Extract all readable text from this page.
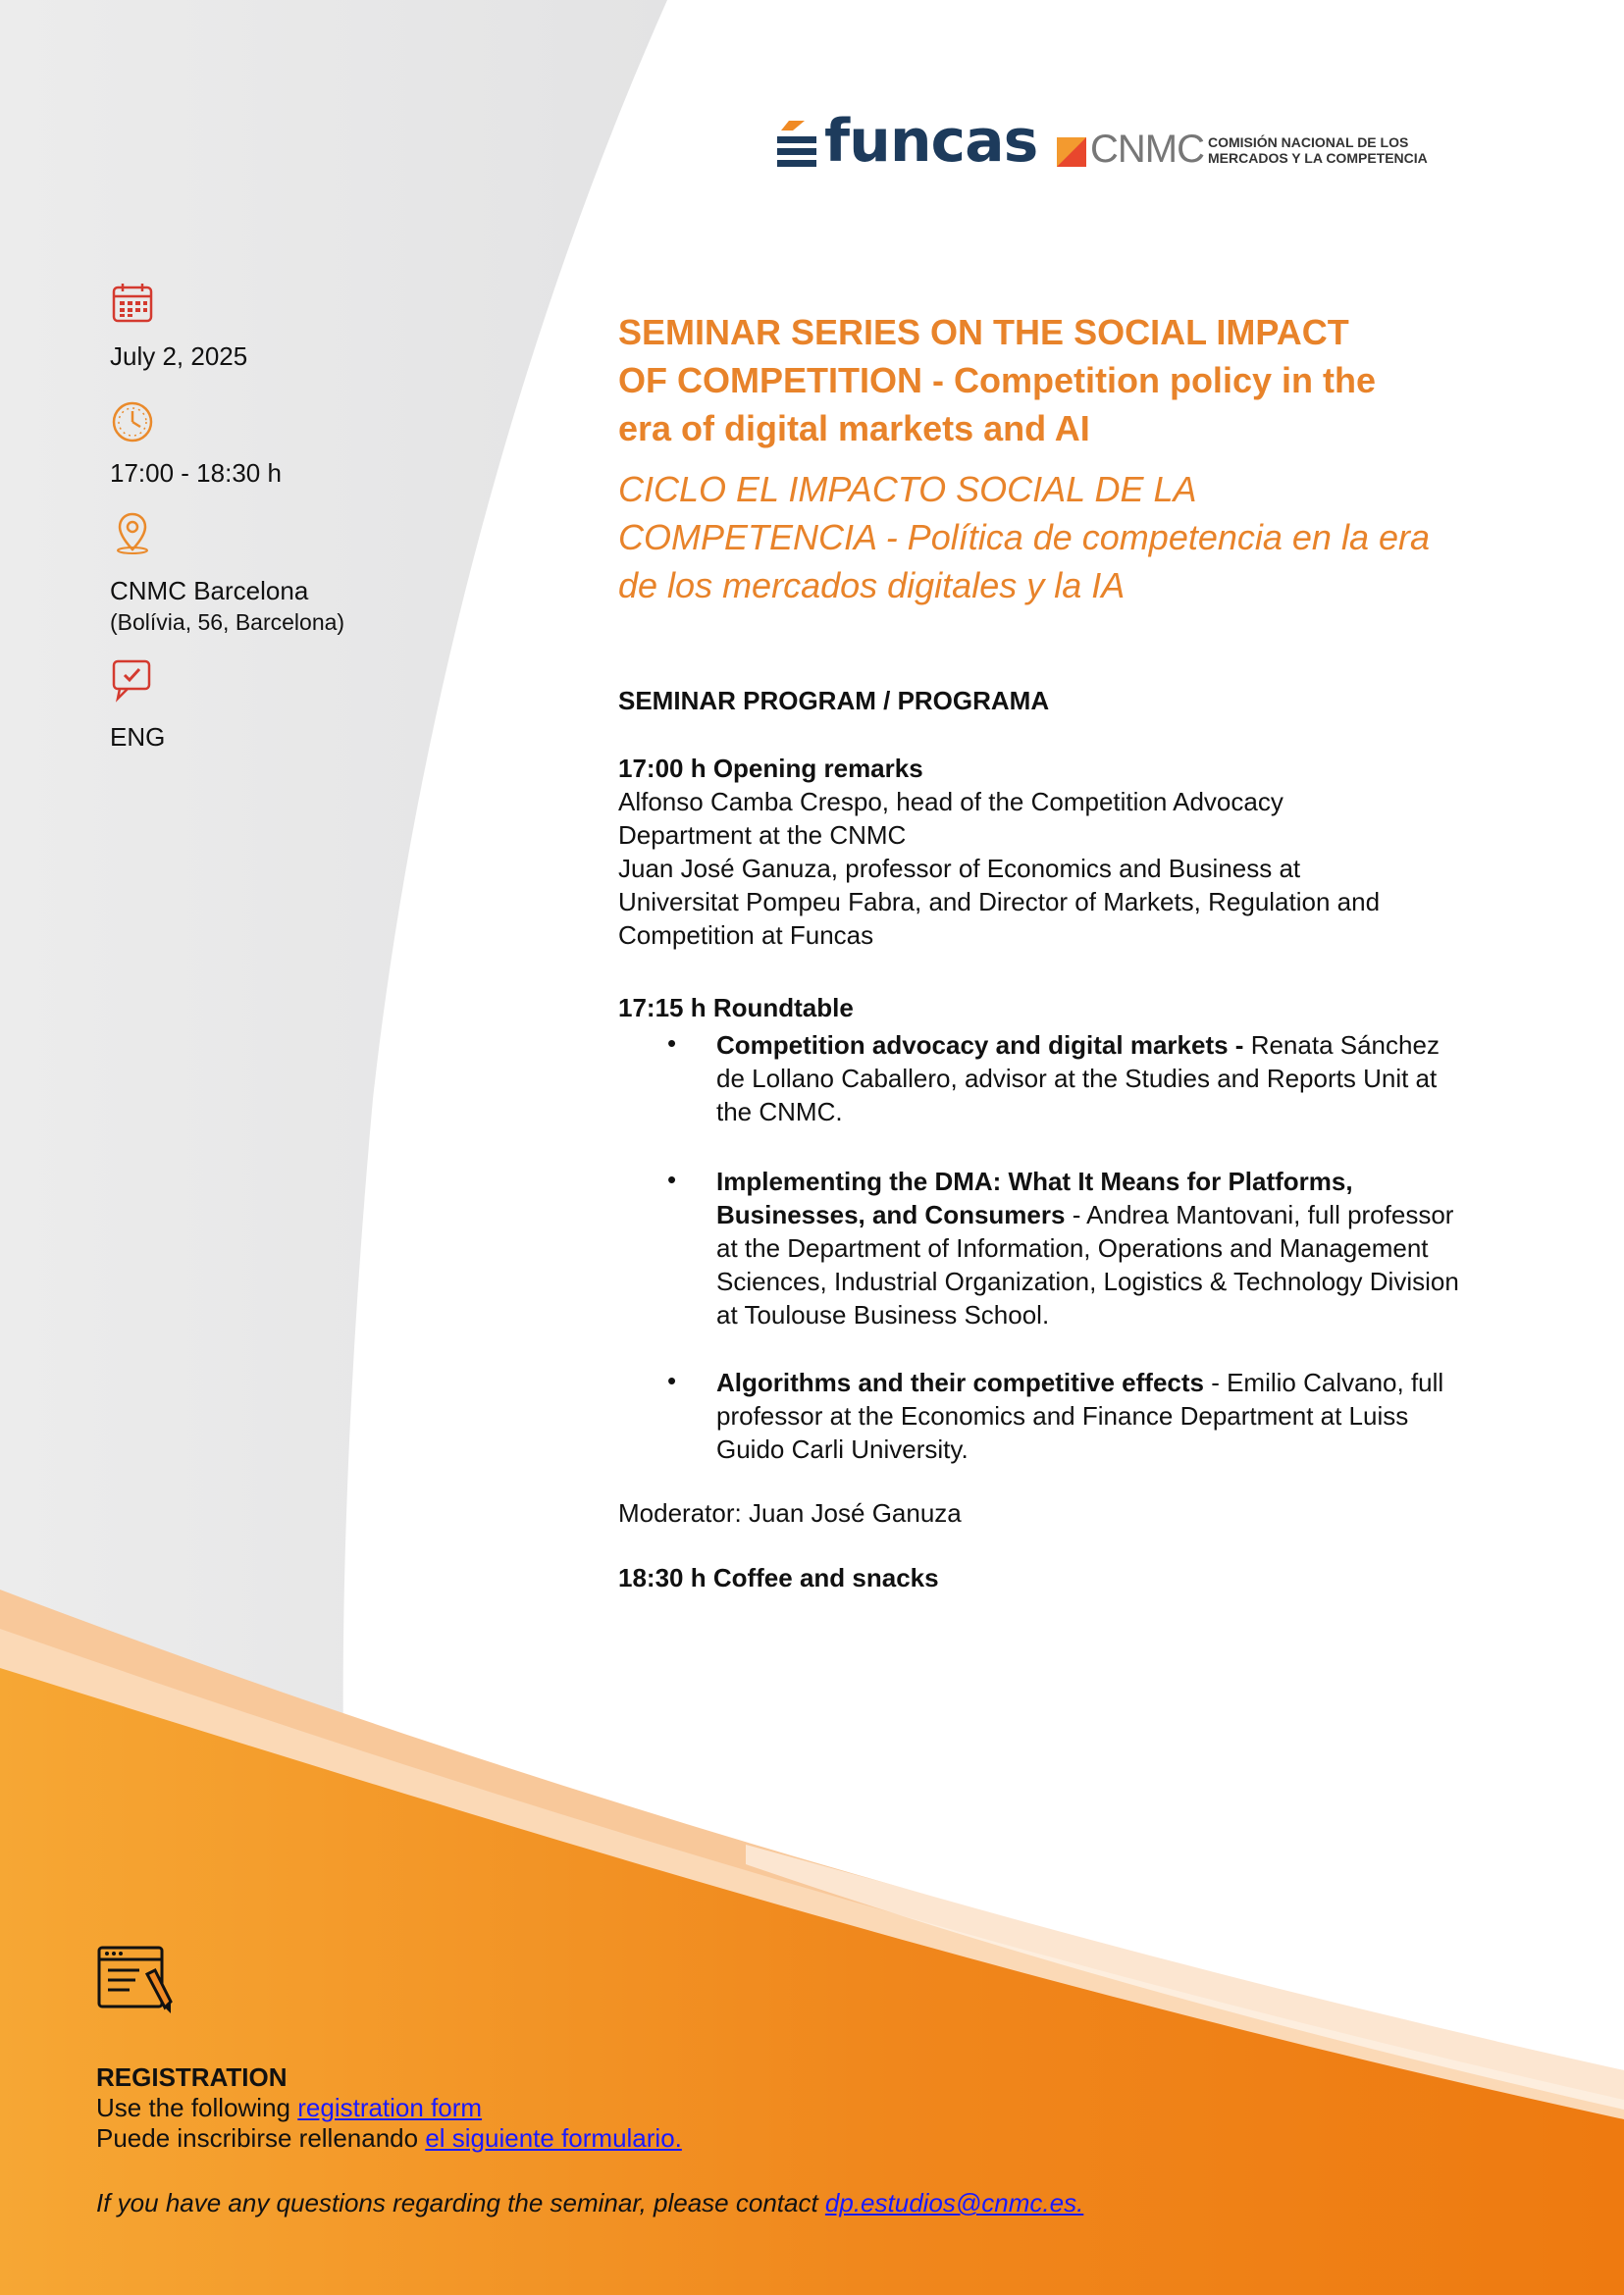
funcas CNMC COMISIÓN NACIONAL DE LOS
MERCADOS Y LA COMPETENCIA
July 2, 2025
17:00 - 18:30 h
CNMC Barcelona
(Bolívia, 56, Barcelona)
ENG
SEMINAR SERIES ON THE SOCIAL IMPACT
OF COMPETITION - Competition policy in the
era of digital markets and AI
CICLO EL IMPACTO SOCIAL DE LA
COMPETENCIA - Política de competencia en la era
de los mercados digitales y la IA
SEMINAR PROGRAM / PROGRAMA
17:00 h Opening remarks
Alfonso Camba Crespo, head of the Competition Advocacy
Department at the CNMC
Juan José Ganuza, professor of Economics and Business at
Universitat Pompeu Fabra, and Director of Markets, Regulation and
Competition at Funcas
17:15 h Roundtable
• Competition advocacy and digital markets - Renata Sánchez de Lollano Caballero, advisor at the Studies and Reports Unit at the CNMC.
• Implementing the DMA: What It Means for Platforms, Businesses, and Consumers - Andrea Mantovani, full professor at the Department of Information, Operations and Management Sciences, Industrial Organization, Logistics & Technology Division at Toulouse Business School.
• Algorithms and their competitive effects - Emilio Calvano, full professor at the Economics and Finance Department at Luiss Guido Carli University.
Moderator: Juan José Ganuza
18:30 h Coffee and snacks
REGISTRATION
Use the following registration form
Puede inscribirse rellenando el siguiente formulario.
If you have any questions regarding the seminar, please contact dp.estudios@cnmc.es.
